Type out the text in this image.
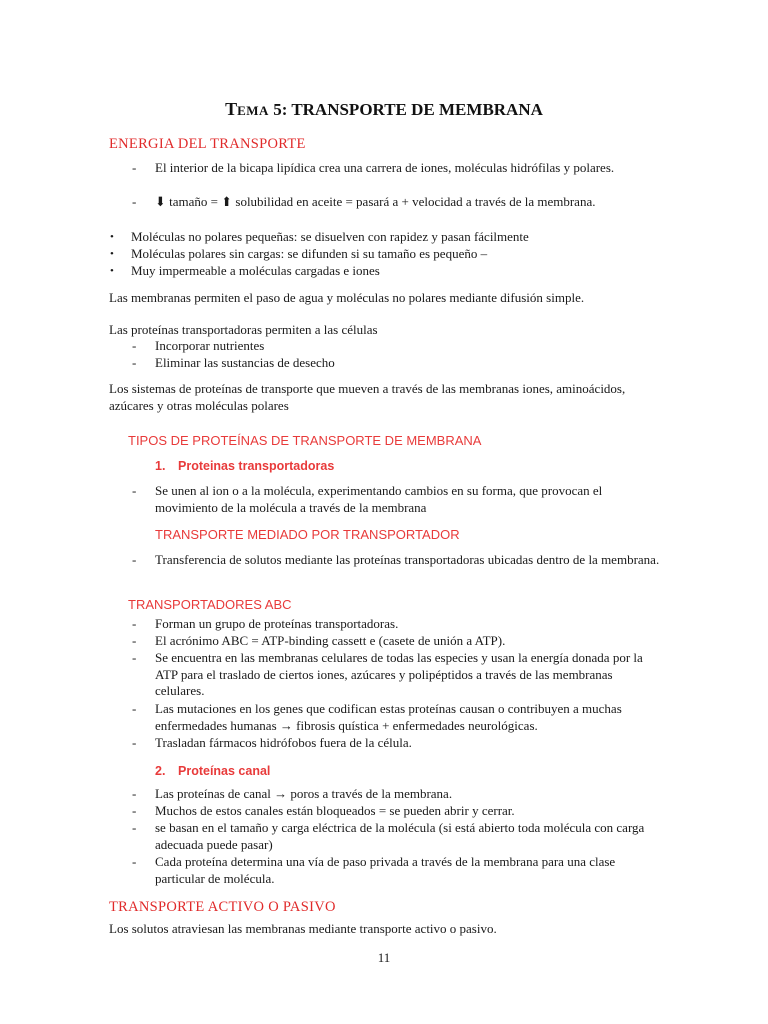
TEMA 5: TRANSPORTE DE MEMBRANA
ENERGIA DEL TRANSPORTE
- El interior de la bicapa lipídica crea una carrera de iones, moléculas hidrófilas y polares.
- ⬇ tamaño = ⬆ solubilidad en aceite = pasará a + velocidad a través de la membrana.
• Moléculas no polares pequeñas: se disuelven con rapidez y pasan fácilmente
• Moléculas polares sin cargas: se difunden si su tamaño es pequeño –
• Muy impermeable a moléculas cargadas e iones
Las membranas permiten el paso de agua y moléculas no polares mediante difusión simple.
Las proteínas transportadoras permiten a las células
- Incorporar nutrientes
- Eliminar las sustancias de desecho
Los sistemas de proteínas de transporte que mueven a través de las membranas iones, aminoácidos, azúcares y otras moléculas polares
TIPOS DE PROTEÍNAS DE TRANSPORTE DE MEMBRANA
1. Proteinas transportadoras
- Se unen al ion o a la molécula, experimentando cambios en su forma, que provocan el movimiento de la molécula a través de la membrana
TRANSPORTE MEDIADO POR TRANSPORTADOR
- Transferencia de solutos mediante las proteínas transportadoras ubicadas dentro de la membrana.
TRANSPORTADORES ABC
- Forman un grupo de proteínas transportadoras.
- El acrónimo ABC = ATP-binding cassett e (casete de unión a ATP).
- Se encuentra en las membranas celulares de todas las especies y usan la energía donada por la ATP para el traslado de ciertos iones, azúcares y polipéptidos a través de las membranas celulares.
- Las mutaciones en los genes que codifican estas proteínas causan o contribuyen a muchas enfermedades humanas → fibrosis quística + enfermedades neurológicas.
- Trasladan fármacos hidrófobos fuera de la célula.
2. Proteínas canal
- Las proteínas de canal → poros a través de la membrana.
- Muchos de estos canales están bloqueados = se pueden abrir y cerrar.
- se basan en el tamaño y carga eléctrica de la molécula (si está abierto toda molécula con carga adecuada puede pasar)
- Cada proteína determina una vía de paso privada a través de la membrana para una clase particular de molécula.
TRANSPORTE ACTIVO O PASIVO
Los solutos atraviesan las membranas mediante transporte activo o pasivo.
11
